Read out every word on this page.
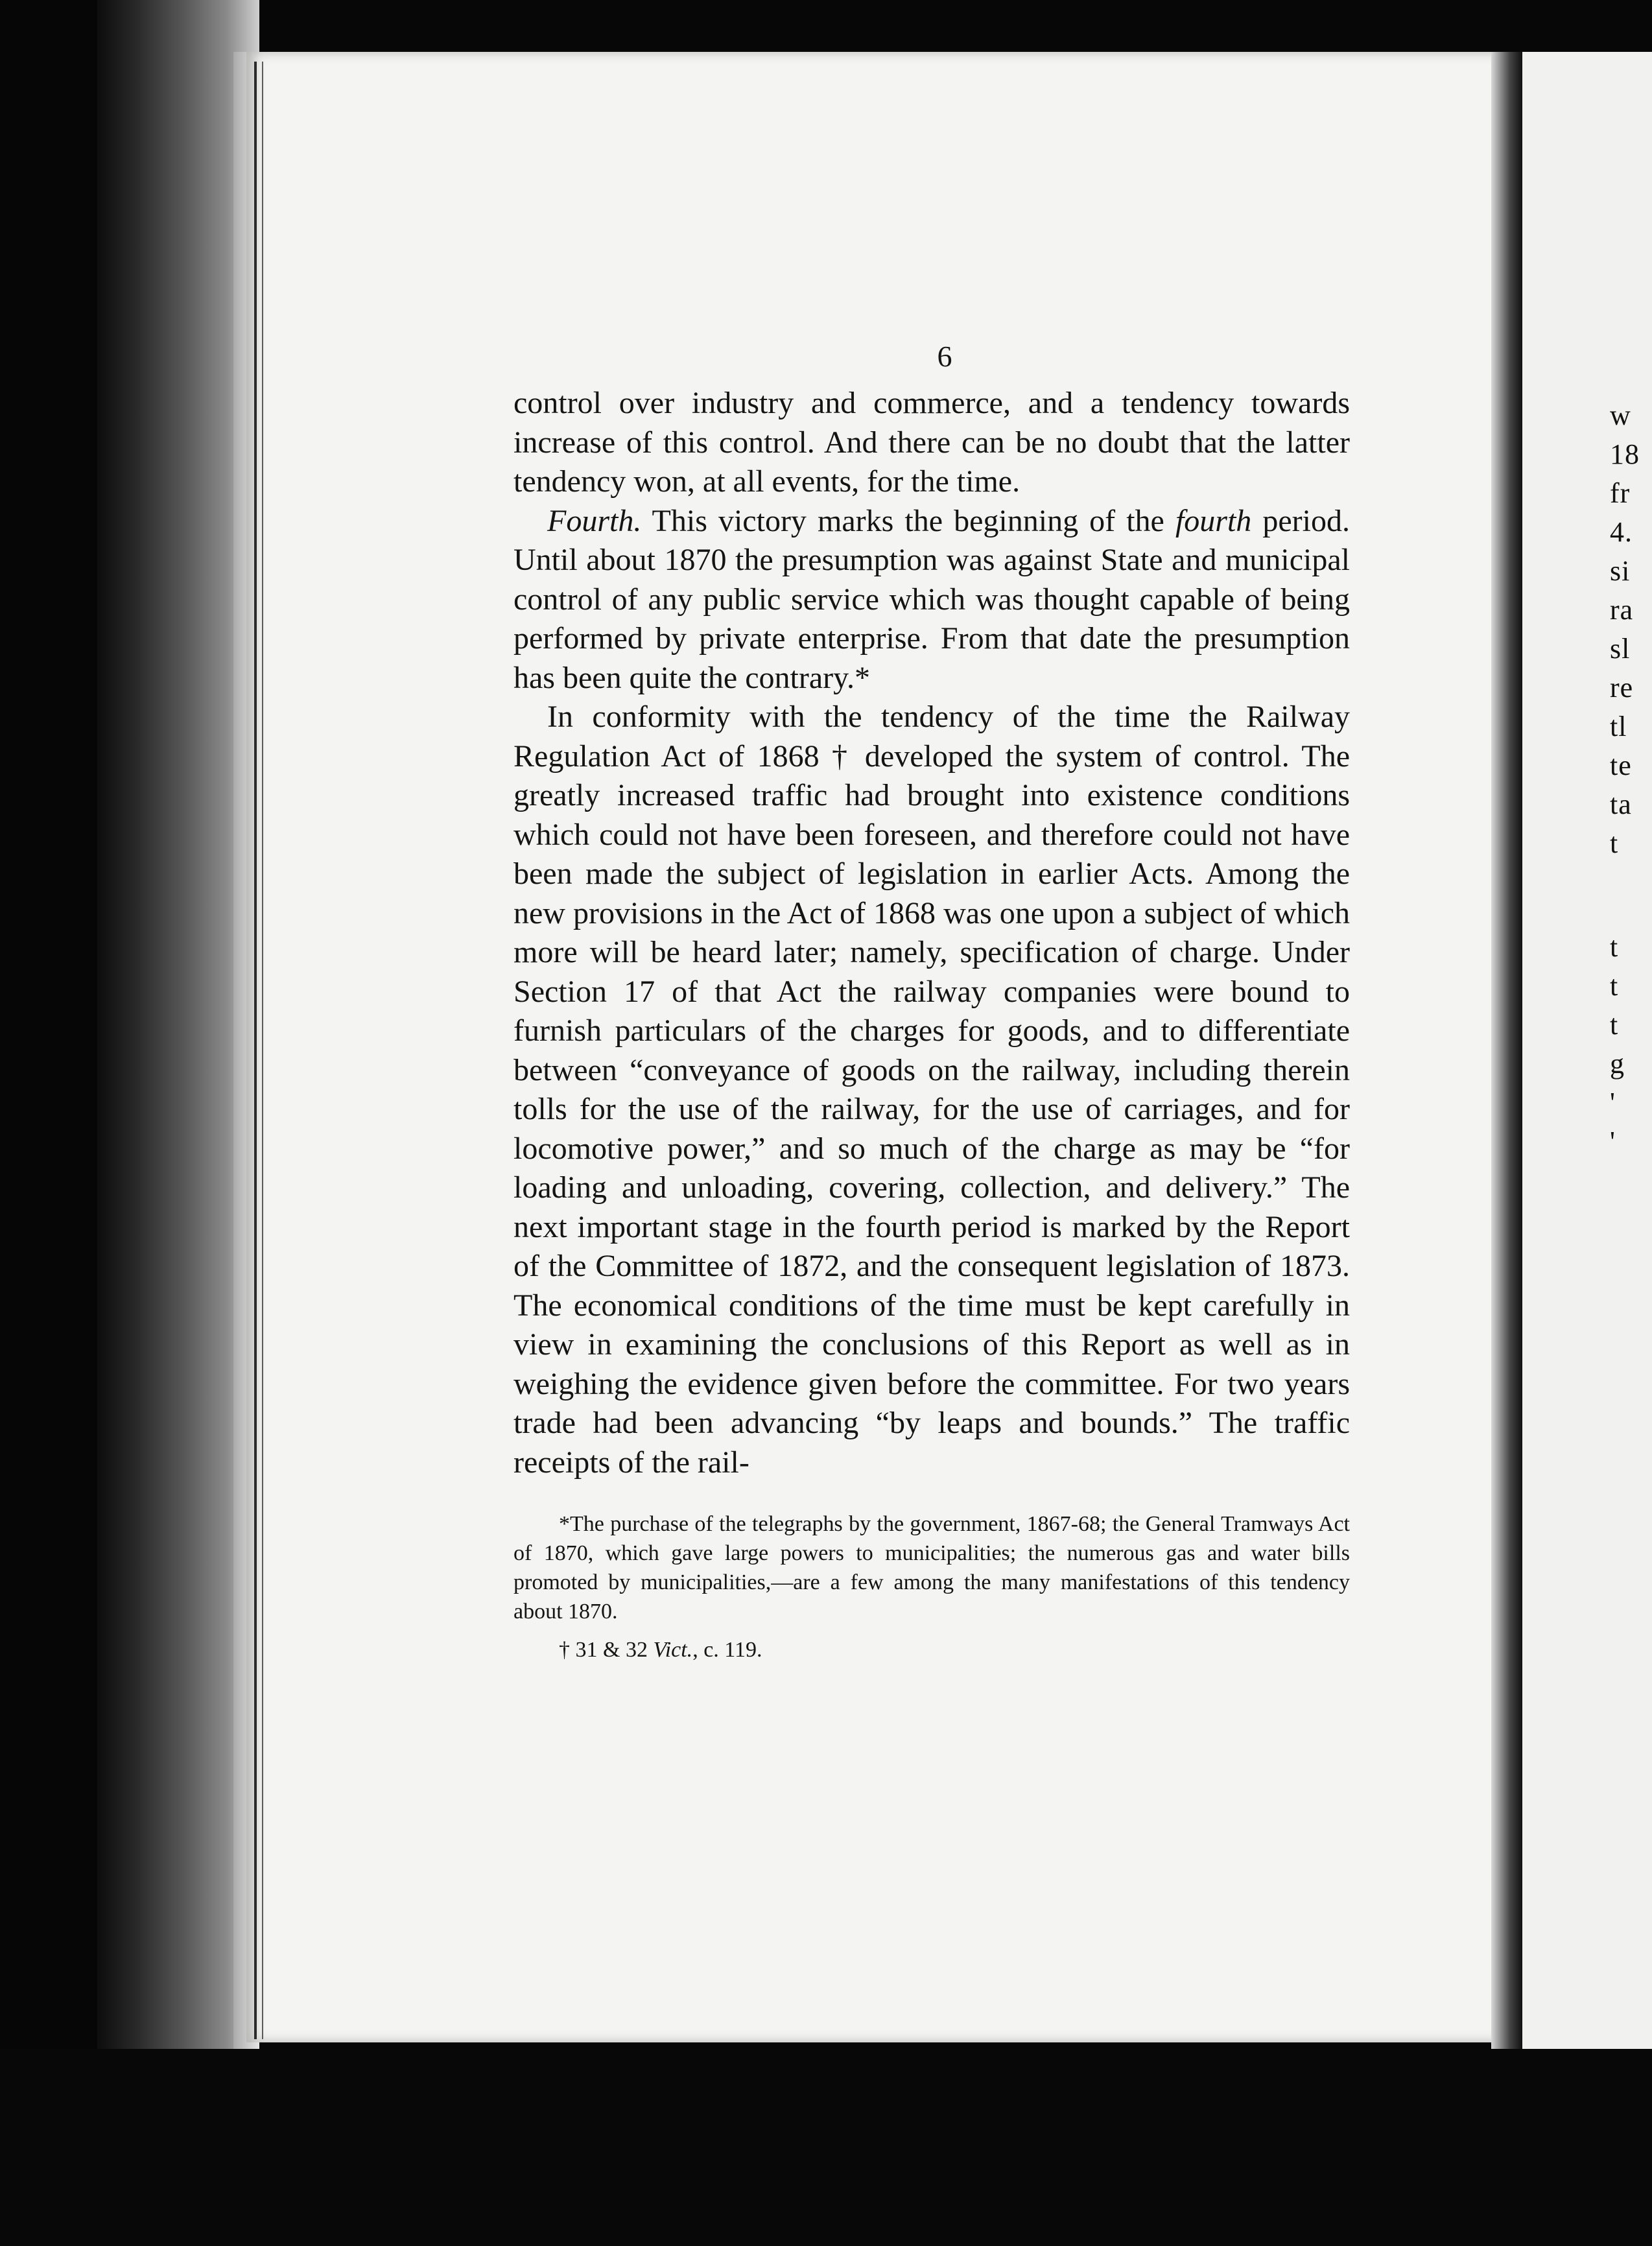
w
18
fr
4.
si
ra
sl
re
tl
te
ta
t
t
t
t
g
'
'
6

control over industry and commerce, and a tendency towards increase of this control. And there can be no doubt that the latter tendency won, at all events, for the time.

Fourth. This victory marks the beginning of the fourth period. Until about 1870 the presumption was against State and municipal control of any public service which was thought capable of being performed by private enterprise. From that date the presumption has been quite the contrary.*

In conformity with the tendency of the time the Railway Regulation Act of 1868 † developed the system of control. The greatly increased traffic had brought into existence conditions which could not have been foreseen, and therefore could not have been made the subject of legislation in earlier Acts. Among the new provisions in the Act of 1868 was one upon a subject of which more will be heard later; namely, specification of charge. Under Section 17 of that Act the railway companies were bound to furnish particulars of the charges for goods, and to differentiate between “conveyance of goods on the railway, including therein tolls for the use of the railway, for the use of carriages, and for locomotive power,” and so much of the charge as may be “for loading and unloading, covering, collection, and delivery.” The next important stage in the fourth period is marked by the Report of the Committee of 1872, and the consequent legislation of 1873. The economical conditions of the time must be kept carefully in view in examining the conclusions of this Report as well as in weighing the evidence given before the committee. For two years trade had been advancing “by leaps and bounds.” The traffic receipts of the rail-

*The purchase of the telegraphs by the government, 1867-68; the General Tramways Act of 1870, which gave large powers to municipalities; the numerous gas and water bills promoted by municipalities,—are a few among the many manifestations of this tendency about 1870.

† 31 & 32 Vict., c. 119.
